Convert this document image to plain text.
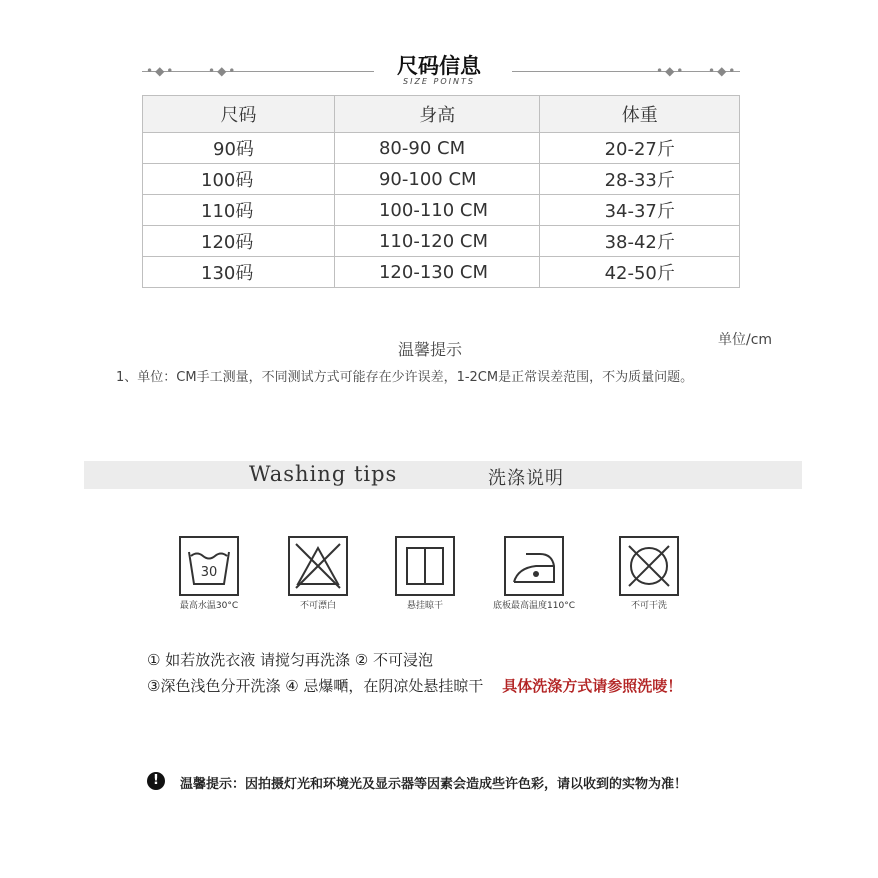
•◆•	•◆•	•◆• •◆•
尺码信息
SIZE POINTS
尺码	身高	体重
90码	80-90 CM	20-27斤
100码	90-100 CM	28-33斤
110码	100-110 CM	34-37斤
120码	110-120 CM	38-42斤
130码	120-130 CM	42-50斤
单位/cm
温馨提示
1、单位：CM手工测量，不同测试方式可能存在少许误差，1-2CM是正常误差范围，不为质量问题。
Washing tips	洗涤说明
30
最高水温30°C	不可漂白	悬挂晾干	底板最高温度110°C	不可干洗
① 如若放洗衣液 请搅匀再洗涤 ② 不可浸泡
③深色浅色分开洗涤 ④ 忌爆嗮，在阴凉处悬挂晾干 具体洗涤方式请参照洗唛！
!	温馨提示：因拍摄灯光和环境光及显示器等因素会造成些许色彩，请以收到的实物为准！
